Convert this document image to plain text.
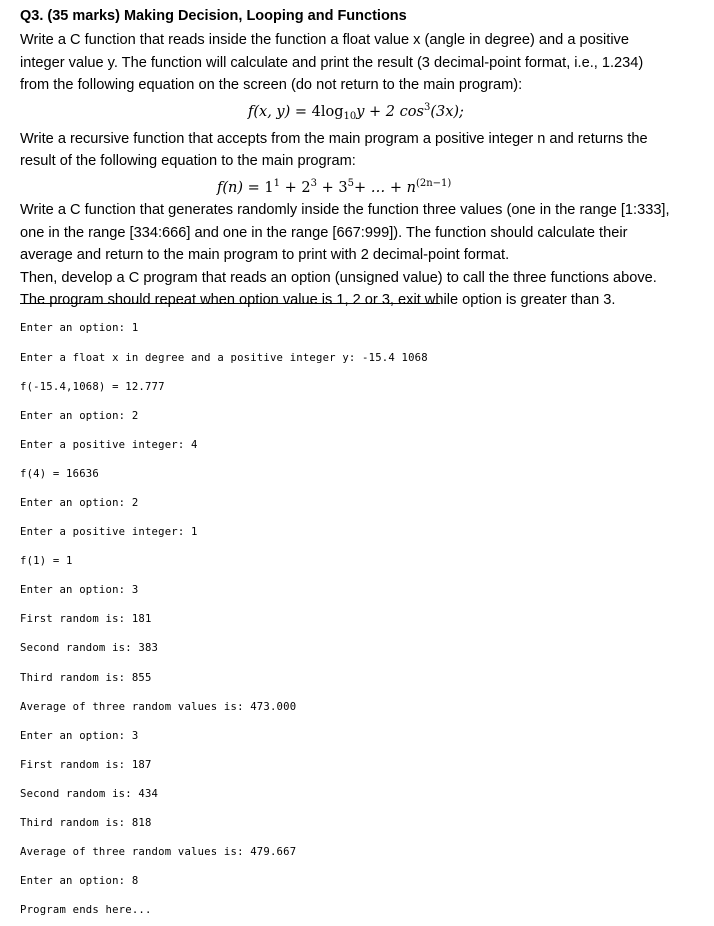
Q3. (35 marks) Making Decision, Looping and Functions

Write a C function that reads inside the function a float value x (angle in degree) and a positive

integer value y. The function will calculate and print the result (3 decimal-point format, i.e., 1.234)

from the following equation on the screen (do not return to the main program):

f(x, $y) = 4\log_{10}y + 2$ $\cos^3(3x)$;

Write a recursive function that accepts from the main program a positive integer n and returns the

result of the following equation to the main program:

$f(n) = 1^1 + 2^3 + 3^5+$ … + $n^{(2n-1)}$

Write a C function that generates randomly inside the function three values (one in the range [1:333],

one in the range [334:666] and one in the range [667:999]). The function should calculate their

average and return to the main program to print with 2 decimal-point format.

Then, develop a C program that reads an option (unsigned value) to call the three functions above.

The program should repeat when option value is 1, 2 or 3, exit while option is greater than 3.

Enter an option: 1

Enter a float x in degree and a positive integer y: -15.4 1068

f(-15.4,1068) = 12.777

Enter an option: 2

Enter a positive integer: 4

f(4) = 16636

Enter an option: 2

Enter a positive integer: 1

f(1) = 1

Enter an option: 3

First random is: 181

Second random is: 383

Third random is: 855

Average of three random values is: 473.000

Enter an option: 3

First random is: 187

Second random is: 434

Third random is: 818

Average of three random values is: 479.667

Enter an option: 8

Program ends here...
